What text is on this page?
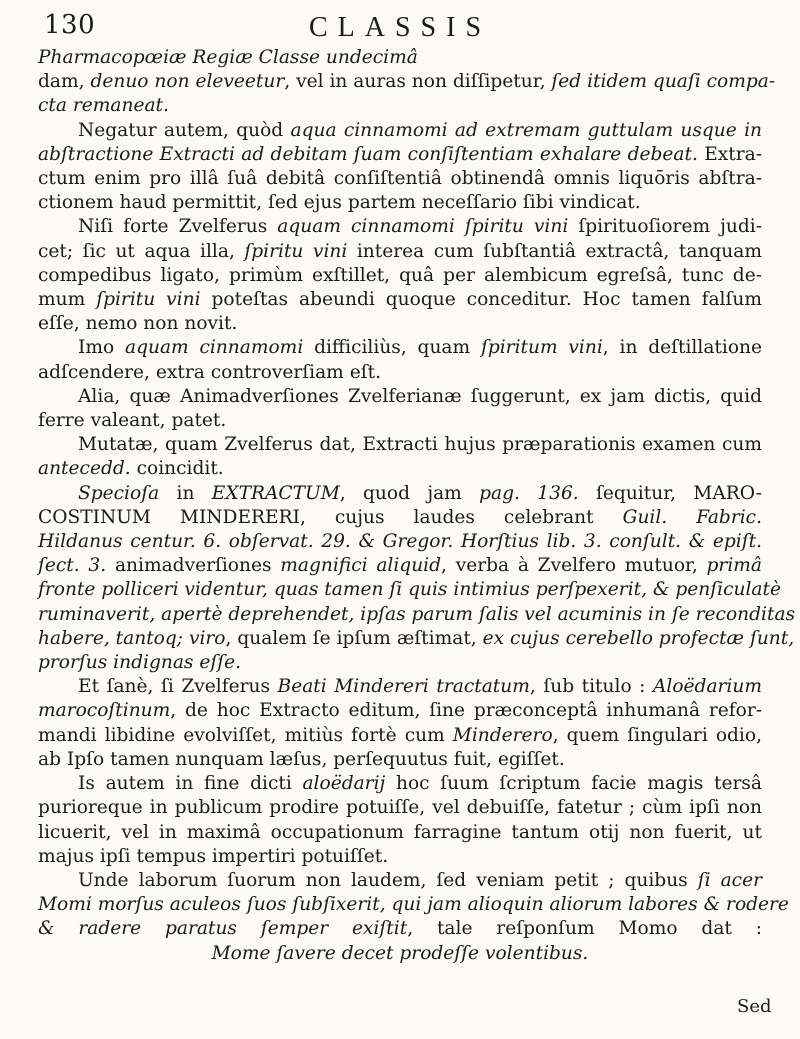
130	CLASSIS
Pharmacopœiæ Regiæ Classe undecimâ
dam, denuo non eleveetur, vel in auras non diſſipetur, ſed itidem quaſi compa-
cta remaneat.
Negatur autem, quòd aqua cinnamomi ad extremam guttulam usque in
abſtractione Extracti ad debitam ſuam conſiſtentiam exhalare debeat. Extra-
ctum enim pro illâ ſuâ debitâ conſiſtentiâ obtinendâ omnis liquōris abſtra-
ctionem haud permittit, ſed ejus partem neceſſario ſibi vindicat.
Niſi forte Zvelferus aquam cinnamomi ſpiritu vini ſpirituoſiorem judi-
cet; ſic ut aqua illa, ſpiritu vini interea cum ſubſtantiâ extractâ, tanquam
compedibus ligato, primùm exſtillet, quâ per alembicum egreſsâ, tunc de-
mum ſpiritu vini poteſtas abeundi quoque conceditur. Hoc tamen falſum
eſſe, nemo non novit.
Imo aquam cinnamomi difficiliùs, quam ſpiritum vini, in deſtillatione
adſcendere, extra controverſiam eſt.
Alia, quæ Animadverſiones Zvelferianæ ſuggerunt, ex jam dictis, quid
ferre valeant, patet.
Mutatæ, quam Zvelferus dat, Extracti hujus præparationis examen cum
antecedd. coincidit.
Specioſa in EXTRACTUM, quod jam pag. 136. ſequitur, MARO-
COSTINUM MINDERERI, cujus laudes celebrant Guil. Fabric.
Hildanus centur. 6. obſervat. 29. & Gregor. Horſtius lib. 3. conſult. & epiſt.
ſect. 3. animadverſiones magnifici aliquid, verba à Zvelfero mutuor, primâ
fronte polliceri videntur, quas tamen ſi quis intimius perſpexerit, & penſiculatè
ruminaverit, apertè deprehendet, ipſas parum ſalis vel acuminis in ſe reconditas
habere, tantoq; viro, qualem ſe ipſum æſtimat, ex cujus cerebello profectæ ſunt,
prorſus indignas eſſe.
Et ſanè, ſi Zvelferus Beati Mindereri tractatum, ſub titulo : Aloëdarium
marocoſtinum, de hoc Extracto editum, ſine præconceptâ inhumanâ refor-
mandi libidine evolviſſet, mitiùs fortè cum Minderero, quem ſingulari odio,
ab Ipſo tamen nunquam læſus, perſequutus fuit, egiſſet.
Is autem in fine dicti aloëdarij hoc ſuum ſcriptum facie magis tersâ
purioreque in publicum prodire potuiſſe, vel debuiſſe, fatetur ; cùm ipſi non
licuerit, vel in maximâ occupationum farragine tantum otij non fuerit, ut
majus ipſi tempus impertiri potuiſſet.
Unde laborum ſuorum non laudem, ſed veniam petit ; quibus ſi acer
Momi morſus aculeos ſuos ſubſixerit, qui jam alioquin aliorum labores & rodere
& radere paratus ſemper exiſtit, tale reſponſum Momo dat :
Mome ſavere decet prodeſſe volentibus.
Sed
